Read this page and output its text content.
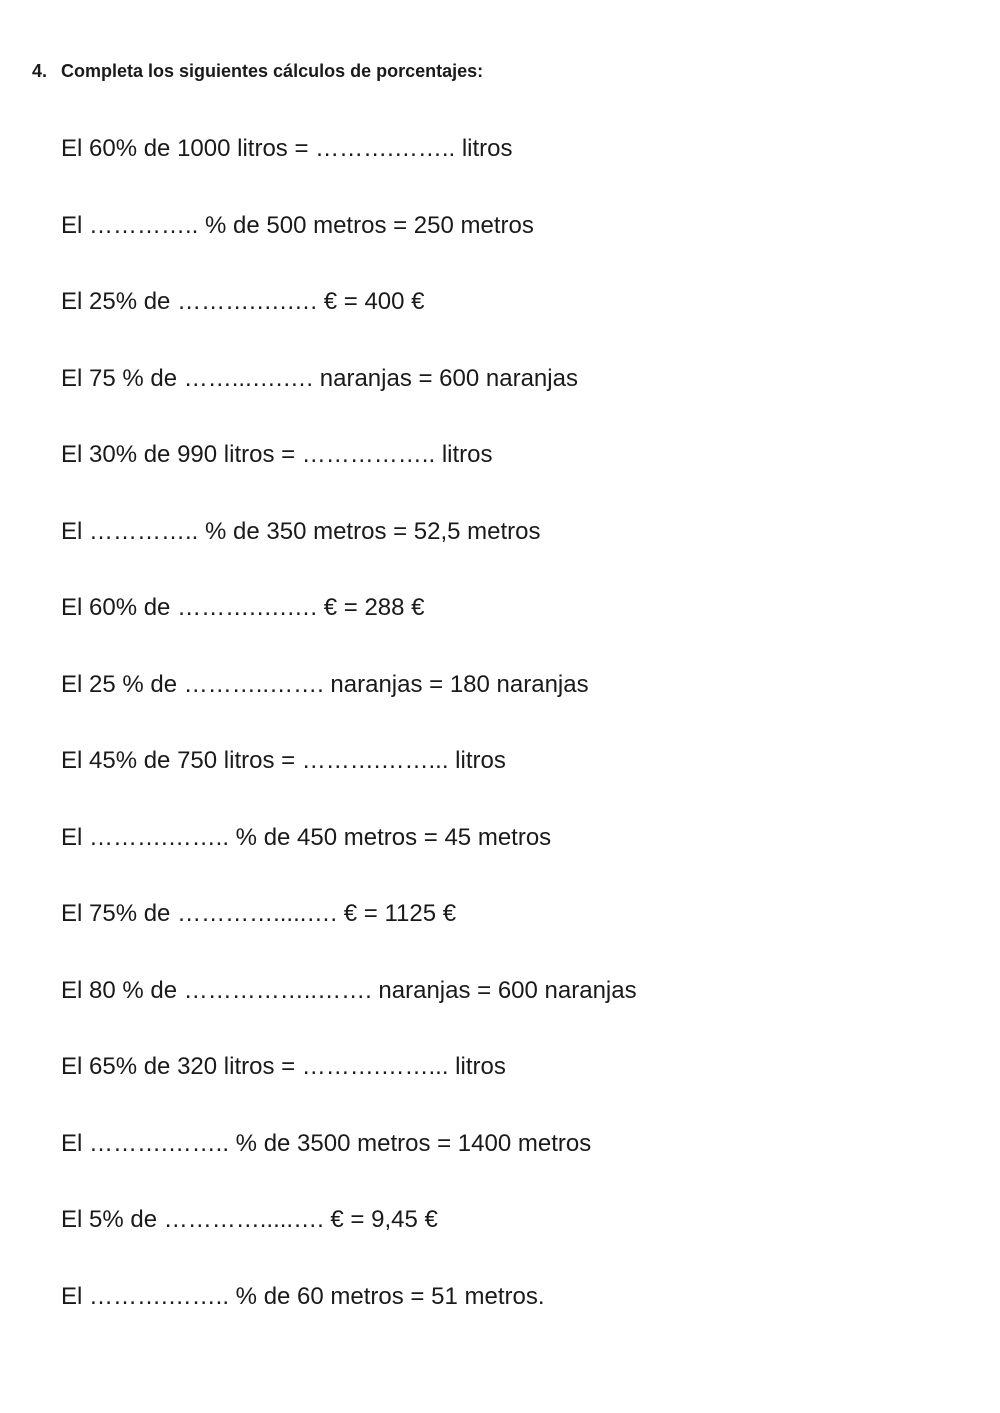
4. Completa los siguientes cálculos de porcentajes:
El 60% de 1000 litros = ……….…….. litros
El ………….. % de 500 metros = 250 metros
El 25% de ……….….…. € = 400 €
El 75 % de ……...….…. naranjas = 600 naranjas
El 30% de 990 litros = …………….. litros
El ………….. % de 350 metros = 52,5 metros
El 60% de ……….….…. € = 288 €
El 25 % de ………..……. naranjas = 180 naranjas
El 45% de 750 litros = ……….……... litros
El ……….…….. % de 450 metros = 45 metros
El 75% de ………….....…. € = 1125 €
El 80 % de ……………..……. naranjas = 600 naranjas
El 65% de 320 litros = ……….……... litros
El ……….…….. % de 3500 metros = 1400 metros
El 5% de ………….....…. € = 9,45 €
El ……….…….. % de 60 metros = 51 metros.
